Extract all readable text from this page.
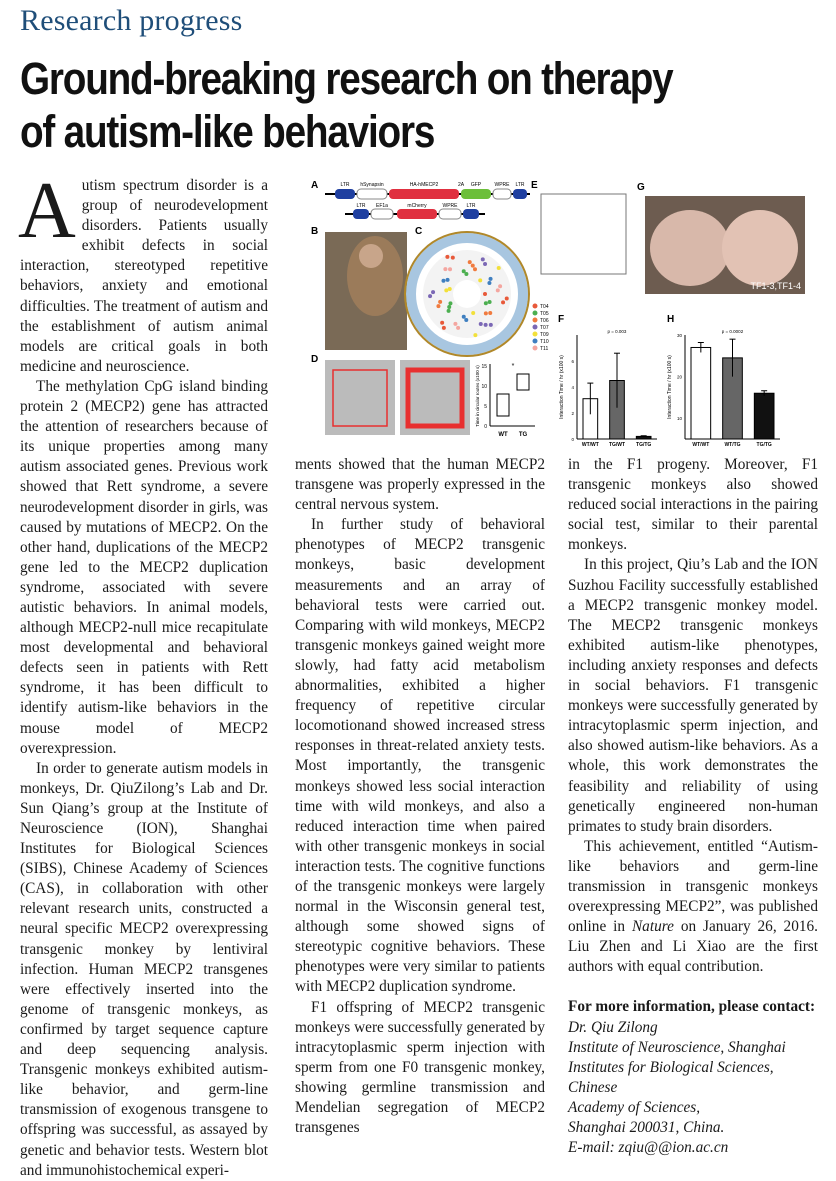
Research progress
Ground-breaking research on therapy
of autism-like behaviors

Autism spectrum disorder is a group of neurodevelopment disorders. Patients usually exhibit defects in social interaction, stereotyped repetitive behaviors, anxiety and emotional difficulties. The treatment of autism and the establishment of autism animal models are critical goals in both medicine and neuroscience.

The methylation CpG island binding protein 2 (MECP2) gene has attracted the attention of researchers because of its unique properties among many autism associated genes. Previous work showed that Rett syndrome, a severe neurodevelopment disorder in girls, was caused by mutations of MECP2. On the other hand, duplications of the MECP2 gene led to the MECP2 duplication syndrome, associated with severe autistic behaviors. In animal models, although MECP2-null mice recapitulate most developmental and behavioral defects seen in patients with Rett syndrome, it has been difficult to identify autism-like behaviors in the mouse model of MECP2 overexpression.

In order to generate autism models in monkeys, Dr. QiuZilong’s Lab and Dr. Sun Qiang’s group at the Institute of Neuroscience (ION), Shanghai Institutes for Biological Sciences (SIBS), Chinese Academy of Sciences (CAS), in collaboration with other relevant research units, constructed a neural specific MECP2 overexpressing transgenic monkey by lentiviral infection. Human MECP2 transgenes were effectively inserted into the genome of transgenic monkeys, as confirmed by target sequence capture and deep sequencing analysis. Transgenic monkeys exhibited autism-like behavior, and germ-line transmission of exogenous transgene to offspring was successful, as assayed by genetic and behavior tests. Western blot and immunohistochemical experi-

ments showed that the human MECP2 transgene was properly expressed in the central nervous system.

In further study of behavioral phenotypes of MECP2 transgenic monkeys, basic development measurements and an array of behavioral tests were carried out. Comparing with wild monkeys, MECP2 transgenic monkeys gained weight more slowly, had fatty acid metabolism abnormalities, exhibited a higher frequency of repetitive circular locomotionand showed increased stress responses in threat-related anxiety tests. Most importantly, the transgenic monkeys showed less social interaction time with wild monkeys, and also a reduced interaction time when paired with other transgenic monkeys in social interaction tests. The cognitive functions of the transgenic monkeys were largely normal in the Wisconsin general test, although some showed signs of stereotypic cognitive behaviors. These phenotypes were very similar to patients with MECP2 duplication syndrome.

F1 offspring of MECP2 transgenic monkeys were successfully generated by intracytoplasmic sperm injection with sperm from one F0 transgenic monkey, showing germline transmission and Mendelian segregation of MECP2 transgenes

in the F1 progeny. Moreover, F1 transgenic monkeys also showed reduced social interactions in the pairing social test, similar to their parental monkeys.

In this project, Qiu’s Lab and the ION Suzhou Facility successfully established a MECP2 transgenic monkey model. The MECP2 transgenic monkeys exhibited autism-like phenotypes, including anxiety responses and defects in social behaviors. F1 transgenic monkeys were successfully generated by intracytoplasmic sperm injection, and also showed autism-like behaviors. As a whole, this work demonstrates the feasibility and reliability of using genetically engineered non-human primates to study brain disorders.

This achievement, entitled “Autism-like behaviors and germ-line transmission in transgenic monkeys overexpressing MECP2”, was published online in Nature on January 26, 2016. Liu Zhen and Li Xiao are the first authors with equal contribution.

For more information, please contact:

Dr. Qiu Zilong

Institute of Neuroscience, Shanghai

Institutes for Biological Sciences, Chinese

Academy of Sciences,

Shanghai 200031, China.

E-mail: zqiu@@ion.ac.cn

A	LTR hSynapsin	HA-hMECP2	2A GFP	WPRE LTR
LTR EF1a	mCherry	WPRE LTR
B	C
T04
T05
T06
T07
T09
T10
T11
D
0
5
10
15
Time in circular routes (x100 s)
WT TG
*
E	G
TF1-3,TF1-4
F	H
Interaction Time / hr (x100 s)
0
2
4
6
WT/WT TG/WT TG/TG
p = 0.003
Interaction Time / hr (x100 s) 10
20
30
WT/WT	WT/TG	TG/TG
p = 0.0002
